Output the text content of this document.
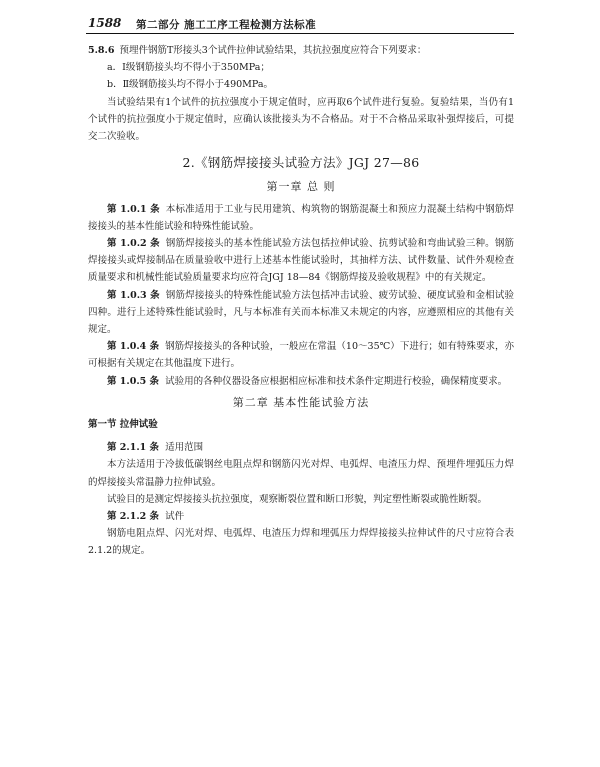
1588 第二部分 施工工序工程检测方法标准

5.8.6 预埋件钢筋T形接头3个试件拉伸试验结果，其抗拉强度应符合下列要求：

a．Ⅰ级钢筋接头均不得小于350MPa；

b．Ⅱ级钢筋接头均不得小于490MPa。

当试验结果有1个试件的抗拉强度小于规定值时，应再取6个试件进行复验。复验结果，当仍有1个试件的抗拉强度小于规定值时，应确认该批接头为不合格品。对于不合格品采取补强焊接后，可提交二次验收。

2.《钢筋焊接接头试验方法》JGJ 27—86
第一章 总 则

第 1.0.1 条 本标准适用于工业与民用建筑、构筑物的钢筋混凝土和预应力混凝土结构中钢筋焊接接头的基本性能试验和特殊性能试验。

第 1.0.2 条 钢筋焊接接头的基本性能试验方法包括拉伸试验、抗剪试验和弯曲试验三种。钢筋焊接接头或焊接制品在质量验收中进行上述基本性能试验时，其抽样方法、试件数量、试件外观检查质量要求和机械性能试验质量要求均应符合JGJ 18—84《钢筋焊接及验收规程》中的有关规定。

第 1.0.3 条 钢筋焊接接头的特殊性能试验方法包括冲击试验、疲劳试验、硬度试验和金相试验四种。进行上述特殊性能试验时，凡与本标准有关而本标准又未规定的内容，应遵照相应的其他有关规定。

第 1.0.4 条 钢筋焊接接头的各种试验，一般应在常温（10～35℃）下进行；如有特殊要求，亦可根据有关规定在其他温度下进行。

第 1.0.5 条 试验用的各种仪器设备应根据相应标准和技术条件定期进行校验，确保精度要求。

第二章 基本性能试验方法

第一节 拉伸试验

第 2.1.1 条 适用范围

本方法适用于冷拔低碳钢丝电阻点焊和钢筋闪光对焊、电弧焊、电渣压力焊、预埋件埋弧压力焊的焊接接头常温静力拉伸试验。

试验目的是测定焊接接头抗拉强度，观察断裂位置和断口形貌，判定塑性断裂或脆性断裂。

第 2.1.2 条 试件

钢筋电阻点焊、闪光对焊、电弧焊、电渣压力焊和埋弧压力焊焊接接头拉伸试件的尺寸应符合表2.1.2的规定。
